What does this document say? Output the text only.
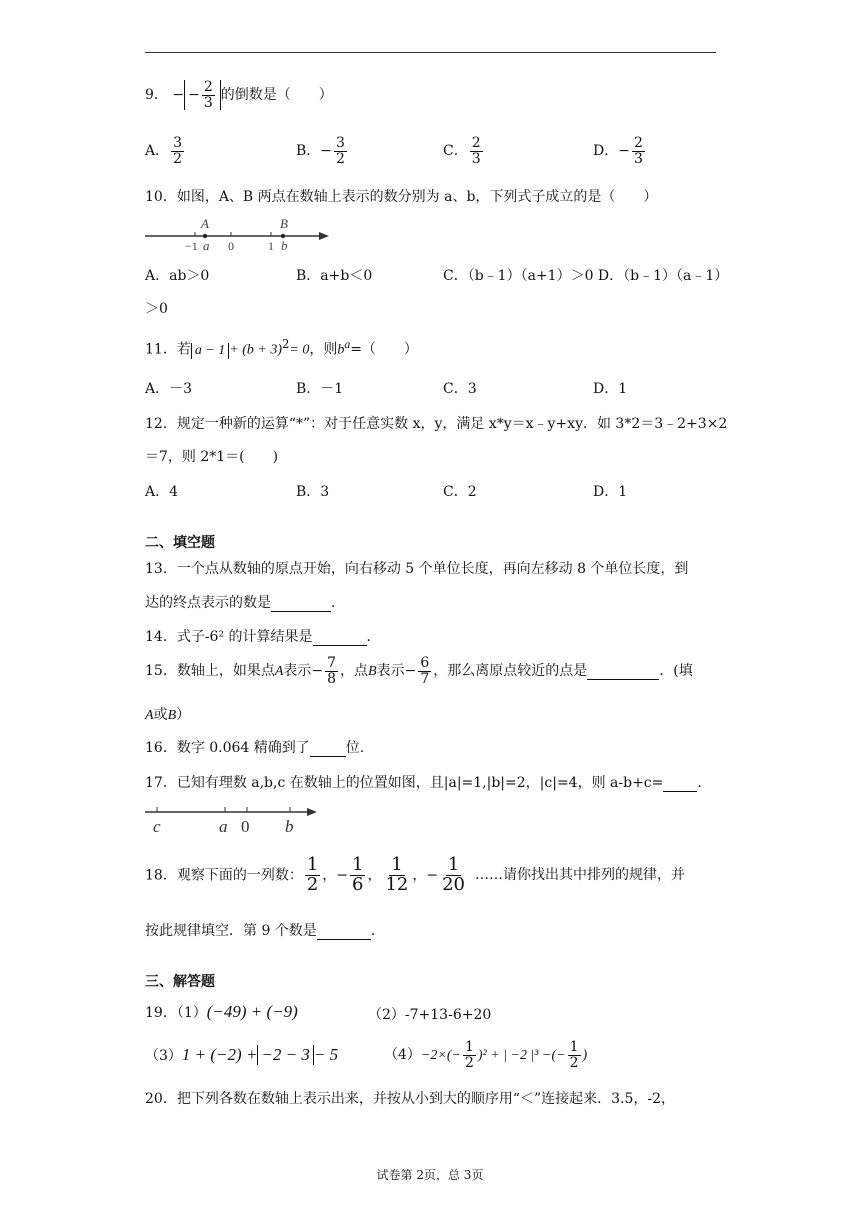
9． − − $\frac{2}{3}$ 的倒数是（　　）
A． $\frac{3}{2}$	B．− $\frac{3}{2}$	C． $\frac{2}{3}$	D．− $\frac{2}{3}$
10．如图，A、B 两点在数轴上表示的数分别为 a、b，下列式子成立的是（　　）
A	B
−1 a 0	1 b
A．ab＞0	B．a+b＜0	C．（b﹣1）（a+1）＞0 D．（b﹣1）（a﹣1）
＞0
11．若 $a - 1 + (b + 3)^2= 0$，则$b^a=$（　　）
A．－3	B．－1	C．3	D．1
12．规定一种新的运算“*”：对于任意实数 x，y，满足 x*y＝x﹣y+xy．如 3*2＝3﹣2+3×2
＝7，则 2*1＝(　　)
A．4	B．3	C．2	D．1
二、填空题
13．一个点从数轴的原点开始，向右移动 5 个单位长度，再向左移动 8 个单位长度，到
达的终点表示的数是	．
14．式子-6² 的计算结果是	．
15．数轴上，如果点A表示− $\frac{7}{8}$ ，点B表示− $\frac{6}{7}$ ，那么离原点较近的点是	．(填
A或B）
16．数字 0.064 精确到了	位．
17．已知有理数 a,b,c 在数轴上的位置如图，且|a|=1,|b|=2，|c|=4，则 a-b+c= ．
c	a 0 b
18．观察下面的一列数： $\frac{1}{2}$ ，− $\frac{1}{6}$ ， $\frac{1}{12}$ ，− $\frac{1}{20}$ ……请你找出其中排列的规律，并
按此规律填空．第 9 个数是	．
三、解答题
19．（1）(−49) + (−9)	（2）-7+13-6+20
（3）1 + (−2) + −2 − 3 − 5	$(4)-2\times(- \frac{1}{2} )^2$ + | −2 |³ −(− $\frac{1}{2}$ )
20．把下列各数在数轴上表示出来，并按从小到大的顺序用“＜”连接起来．3.5，-2，
试卷第 2页，总 3页
